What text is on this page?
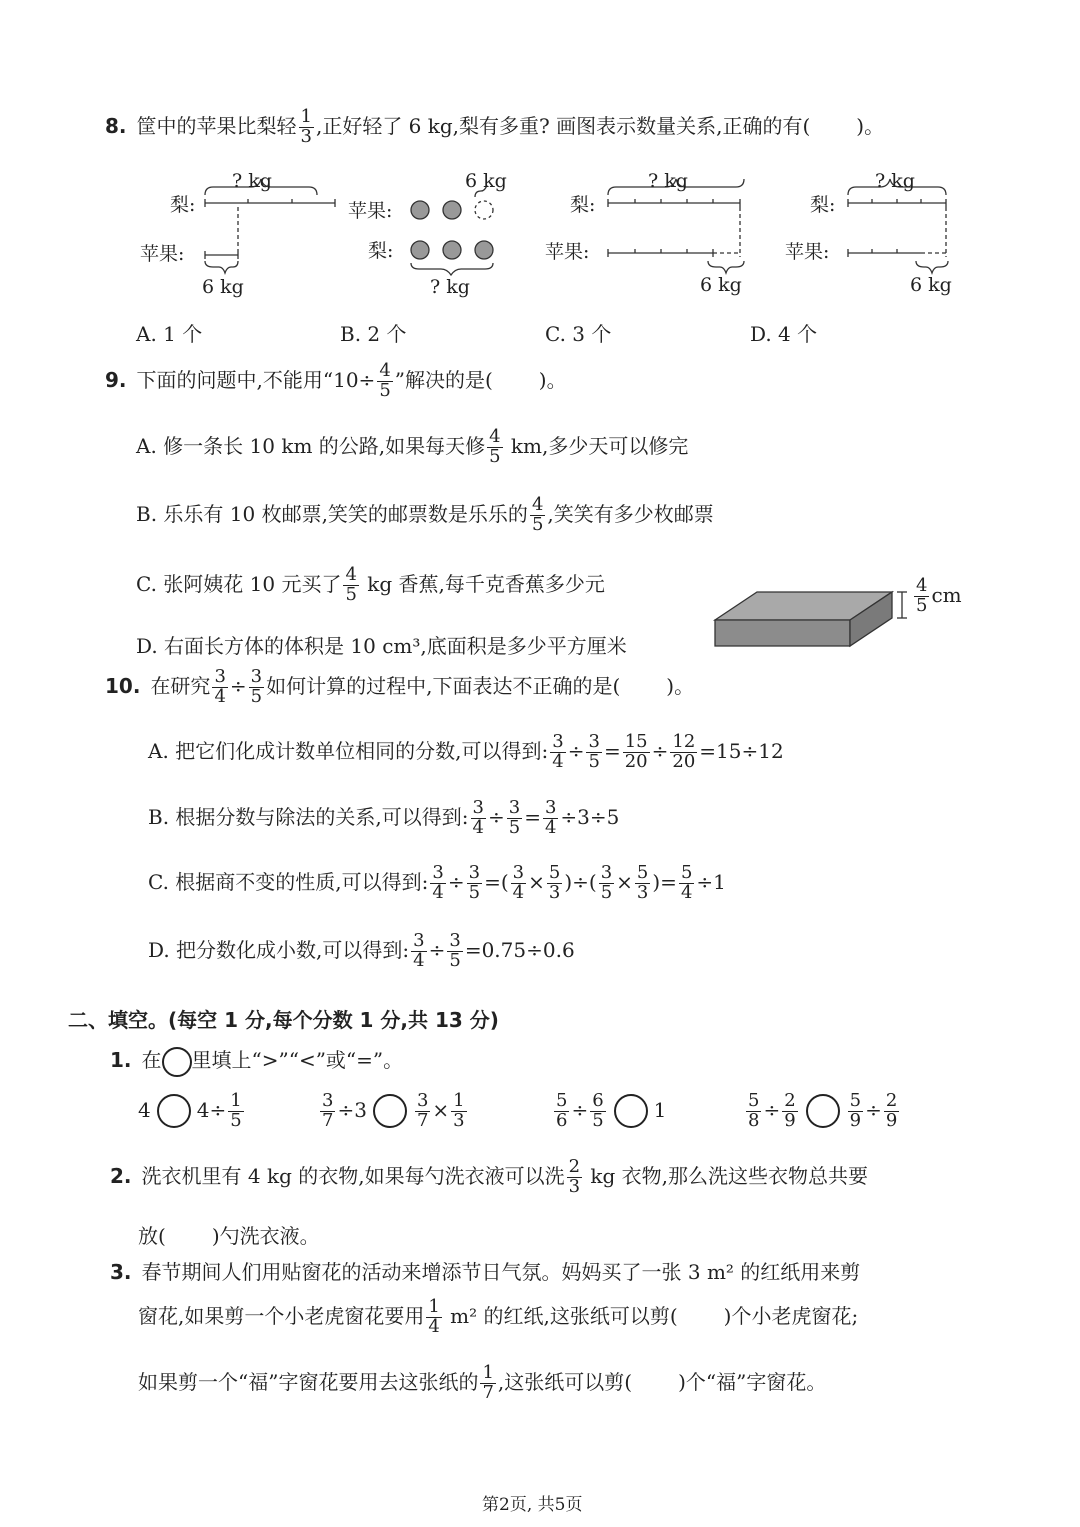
8. 筐中的苹果比梨轻 $\frac{1}{3}$ ,正好轻了 6 kg,梨有多重? 画图表示数量关系,正确的有( )。
? kg
梨:
苹果:
6 kg
6 kg
苹果:
梨:
? kg
? kg
梨:
苹果:
6 kg
? kg
梨:
苹果:
6 kg
A. 1 个	B. 2 个	C. 3 个	D. 4 个
9. 下面的问题中,不能用“$10\div \frac{4}{5}$ ”解决的是( )。
A. 修一条长 10 km 的公路,如果每天修 $\frac{4}{5}$ km,多少天可以修完
B. 乐乐有 10 枚邮票,笑笑的邮票数是乐乐的 $\frac{4}{5}$ ,笑笑有多少枚邮票
C. 张阿姨花 10 元买了 $\frac{4}{5}$ kg 香蕉,每千克香蕉多少元
D. 右面长方体的体积是 10 cm³,底面积是多少平方厘米
$\frac{4}{5}$ cm
10. 在研究 $\frac{3}{4} \div \frac{3}{5}$ 如何计算的过程中,下面表达不正确的是( )。
A. 把它们化成计数单位相同的分数,可以得到: $\frac{3}{4} \div \frac{3}{5} = \frac{15}{20} \div \frac{12}{20} =15\div 12$
B. 根据分数与除法的关系,可以得到: $\frac{3}{4} \div \frac{3}{5} = \frac{3}{4} \div 3\div 5$
C. 根据商不变的性质,可以得到: $\frac{3}{4} \div \frac{3}{5}$ =( $\frac{3}{4} \times \frac{5}{3}$ )÷( $\frac{3}{5} \times \frac{5}{3}$ )= $\frac{5}{4} \div 1$
D. 把分数化成小数,可以得到: $\frac{3}{4} \div \frac{3}{5} =0.75\div 0.6$
二、填空。(每空 1 分,每个分数 1 分,共 13 分)
1. 在 里填上“>”“<”或“=”。
4 $4\div \frac{1}{5}$	$\frac{3}{7} \div 3$	$\frac{3}{7} \times \frac{1}{3}$	$\frac{5}{6} \div \frac{6}{5} 1$	$\frac{5}{8} \div \frac{2}{9}$	$\frac{5}{9} \div \frac{2}{9}$
2. 洗衣机里有 4 kg 的衣物,如果每勺洗衣液可以洗 $\frac{2}{3}$ kg 衣物,那么洗这些衣物总共要
放( )勺洗衣液。
3. 春节期间人们用贴窗花的活动来增添节日气氛。妈妈买了一张 3 m² 的红纸用来剪
窗花,如果剪一个小老虎窗花要用 $\frac{1}{4} m^2$ 的红纸,这张纸可以剪( )个小老虎窗花;
如果剪一个“福”字窗花要用去这张纸的 $\frac{1}{7}$ ,这张纸可以剪( )个“福”字窗花。
第2页, 共5页
